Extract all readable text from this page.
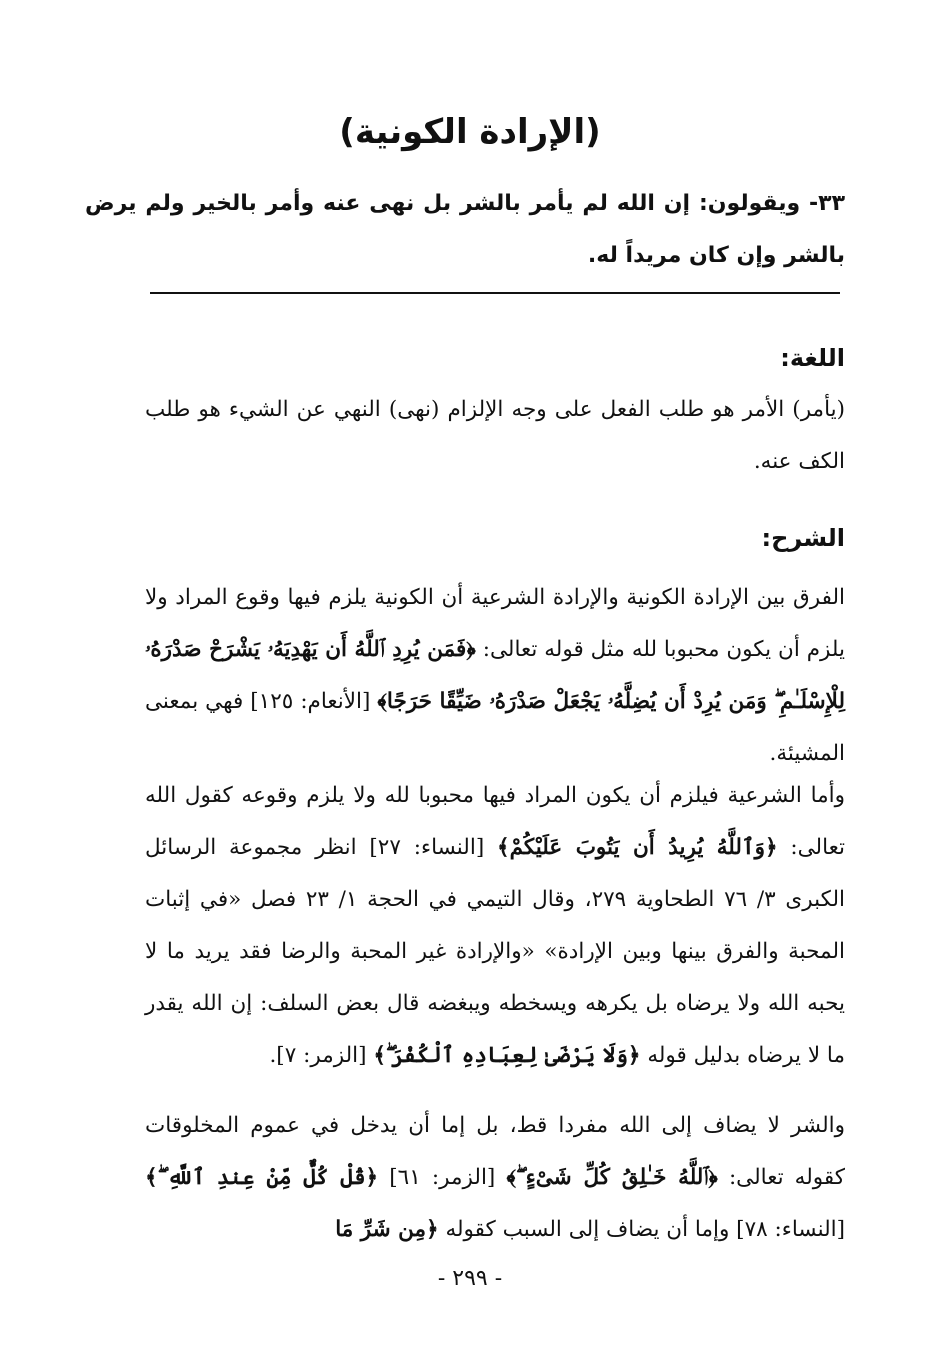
(الإرادة الكونية)

٣٣- ويقولون: إن الله لم يأمر بالشر بل نهى عنه وأمر بالخير ولم يرض بالشر وإن كان مريداً له.

اللغة:

(يأمر) الأمر هو طلب الفعل على وجه الإلزام (نهى) النهي عن الشيء هو طلب الكف عنه.

الشرح:

الفرق بين الإرادة الكونية والإرادة الشرعية أن الكونية يلزم فيها وقوع المراد ولا يلزم أن يكون محبوبا لله مثل قوله تعالى: ﴿فَمَن يُرِدِ ٱللَّهُ أَن يَهْدِيَهُۥ يَشْرَحْ صَدْرَهُۥ لِلْإِسْلَـٰمِ ۖ وَمَن يُرِدْ أَن يُضِلَّهُۥ يَجْعَلْ صَدْرَهُۥ ضَيِّقًا حَرَجًا﴾ [الأنعام: ١٢٥] فهي بمعنى المشيئة.

وأما الشرعية فيلزم أن يكون المراد فيها محبوبا لله ولا يلزم وقوعه كقول الله تعالى: ﴿وَٱللَّهُ يُرِيدُ أَن يَتُوبَ عَلَيْكُمْ﴾ [النساء: ٢٧] انظر مجموعة الرسائل الكبرى ٣/ ٧٦ الطحاوية ٢٧٩، وقال التيمي في الحجة ١/ ٢٣ فصل «في إثبات المحبة والفرق بينها وبين الإرادة» «والإرادة غير المحبة والرضا فقد يريد ما لا يحبه الله ولا يرضاه بل يكرهه ويسخطه ويبغضه قال بعض السلف: إن الله يقدر ما لا يرضاه بدليل قوله ﴿وَلَا يَرْضَىٰ لِعِبَادِهِ ٱلْكُفْرَ ۖ﴾ [الزمر: ٧].

والشر لا يضاف إلى الله مفردا قط، بل إما أن يدخل في عموم المخلوقات كقوله تعالى: ﴿ٱللَّهُ خَـٰلِقُ كُلِّ شَىْءٍ ۖ﴾ [الزمر: ٦١] ﴿قُلْ كُلٌّ مِّنْ عِندِ ٱللَّهِ ۖ﴾ [النساء: ٧٨] وإما أن يضاف إلى السبب كقوله ﴿مِن شَرِّ مَا

- ٢٩٩ -
